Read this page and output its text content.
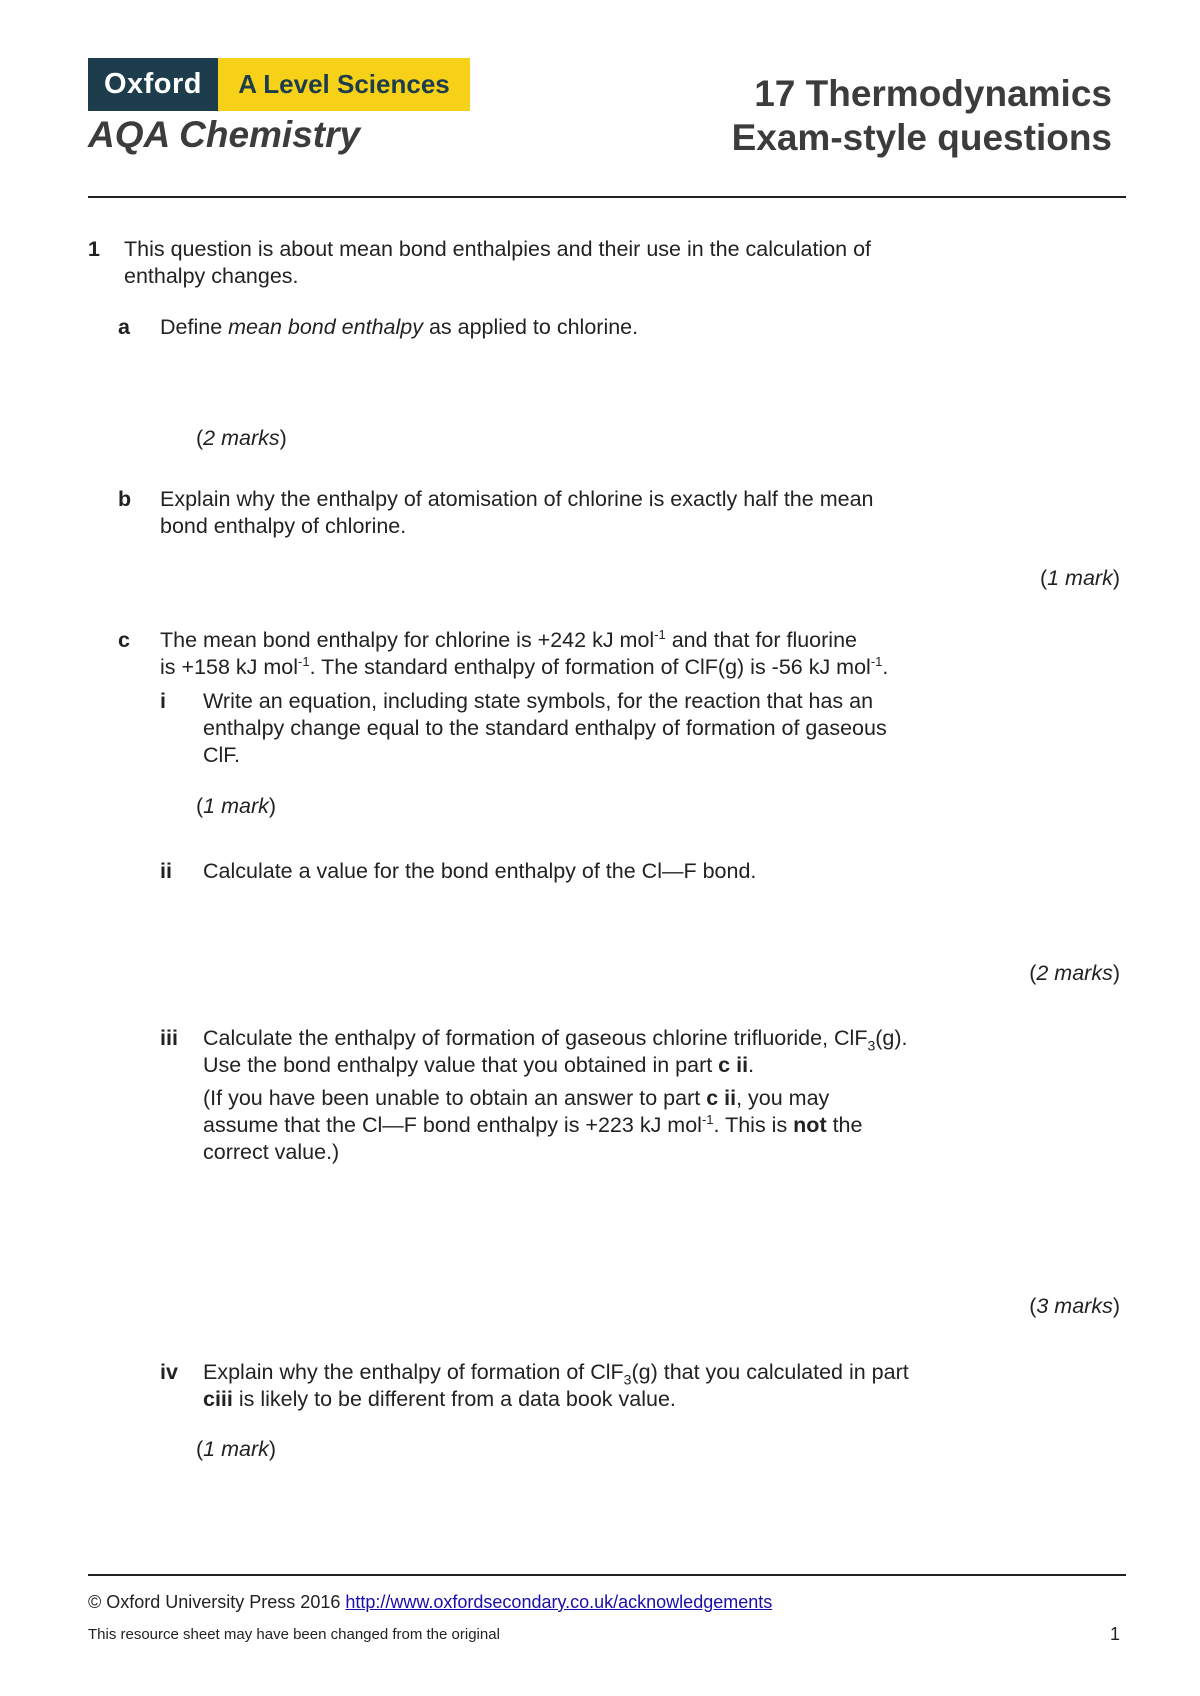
Oxford	A Level Sciences
AQA Chemistry
17 Thermodynamics
Exam-style questions
1 This question is about mean bond enthalpies and their use in the calculation of
enthalpy changes.
a Define mean bond enthalpy as applied to chlorine.
(2 marks)
b Explain why the enthalpy of atomisation of chlorine is exactly half the mean
bond enthalpy of chlorine.
(1 mark)
c The mean bond enthalpy for chlorine is +242 kJ mol$^{-1}$ and that for fluorine
is +158 kJ mol$^{-1}$. The standard enthalpy of formation of ClF(g) is -56 kJ mol$^{-1}$.
i Write an equation, including state symbols, for the reaction that has an
enthalpy change equal to the standard enthalpy of formation of gaseous
ClF.
(1 mark)
ii Calculate a value for the bond enthalpy of the Cl—F bond.
(2 marks)
iii Calculate the enthalpy of formation of gaseous chlorine trifluoride, ClF$_3$(g).
Use the bond enthalpy value that you obtained in part c ii.
(If you have been unable to obtain an answer to part c ii, you may
assume that the Cl—F bond enthalpy is +223 kJ mol$^{-1}$. This is not the
correct value.)
(3 marks)
iv Explain why the enthalpy of formation of ClF$_3$(g) that you calculated in part
ciii is likely to be different from a data book value.
(1 mark)
© Oxford University Press 2016 http://www.oxfordsecondary.co.uk/acknowledgements
This resource sheet may have been changed from the original	1
